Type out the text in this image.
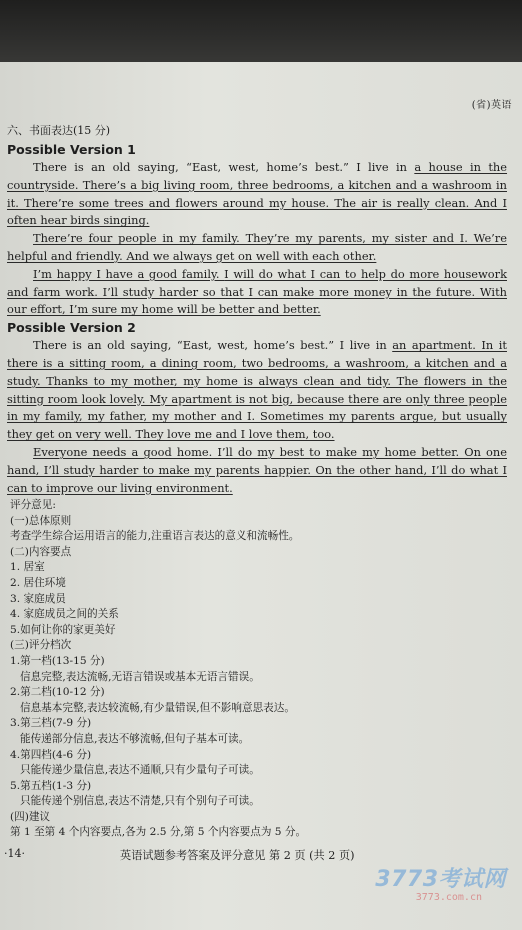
(省)英语

六、书面表达(15 分)

Possible Version 1

There is an old saying, “East, west, home’s best.” I live in a house in the countryside. There’s a big living room, three bedrooms, a kitchen and a washroom in it. There’re some trees and flowers around my house. The air is really clean. And I often hear birds singing.

There’re four people in my family. They’re my parents, my sister and I. We’re helpful and friendly. And we always get on well with each other.

I’m happy I have a good family. I will do what I can to help do more housework and farm work. I’ll study harder so that I can make more money in the future. With our effort, I’m sure my home will be better and better.

Possible Version 2

There is an old saying, “East, west, home’s best.” I live in an apartment. In it there is a sitting room, a dining room, two bedrooms, a washroom, a kitchen and a study. Thanks to my mother, my home is always clean and tidy. The flowers in the sitting room look lovely. My apartment is not big, because there are only three people in my family, my father, my mother and I. Sometimes my parents argue, but usually they get on very well. They love me and I love them, too.

Everyone needs a good home. I’ll do my best to make my home better. On one hand, I’ll study harder to make my parents happier. On the other hand, I’ll do what I can to improve our living environment.

评分意见:

(一)总体原则

考查学生综合运用语言的能力,注重语言表达的意义和流畅性。

(二)内容要点

1. 居室

2. 居住环境

3. 家庭成员

4. 家庭成员之间的关系

5.如何让你的家更美好

(三)评分档次

1.第一档(13-15 分)

信息完整,表达流畅,无语言错误或基本无语言错误。

2.第二档(10-12 分)

信息基本完整,表达较流畅,有少量错误,但不影响意思表达。

3.第三档(7-9 分)

能传递部分信息,表达不够流畅,但句子基本可读。

4.第四档(4-6 分)

只能传递少量信息,表达不通顺,只有少量句子可读。

5.第五档(1-3 分)

只能传递个别信息,表达不清楚,只有个别句子可读。

(四)建议

第 1 至第 4 个内容要点,各为 2.5 分,第 5 个内容要点为 5 分。

·14·	英语试题参考答案及评分意见 第 2 页 (共 2 页)
3773考试网
3773.com.cn
